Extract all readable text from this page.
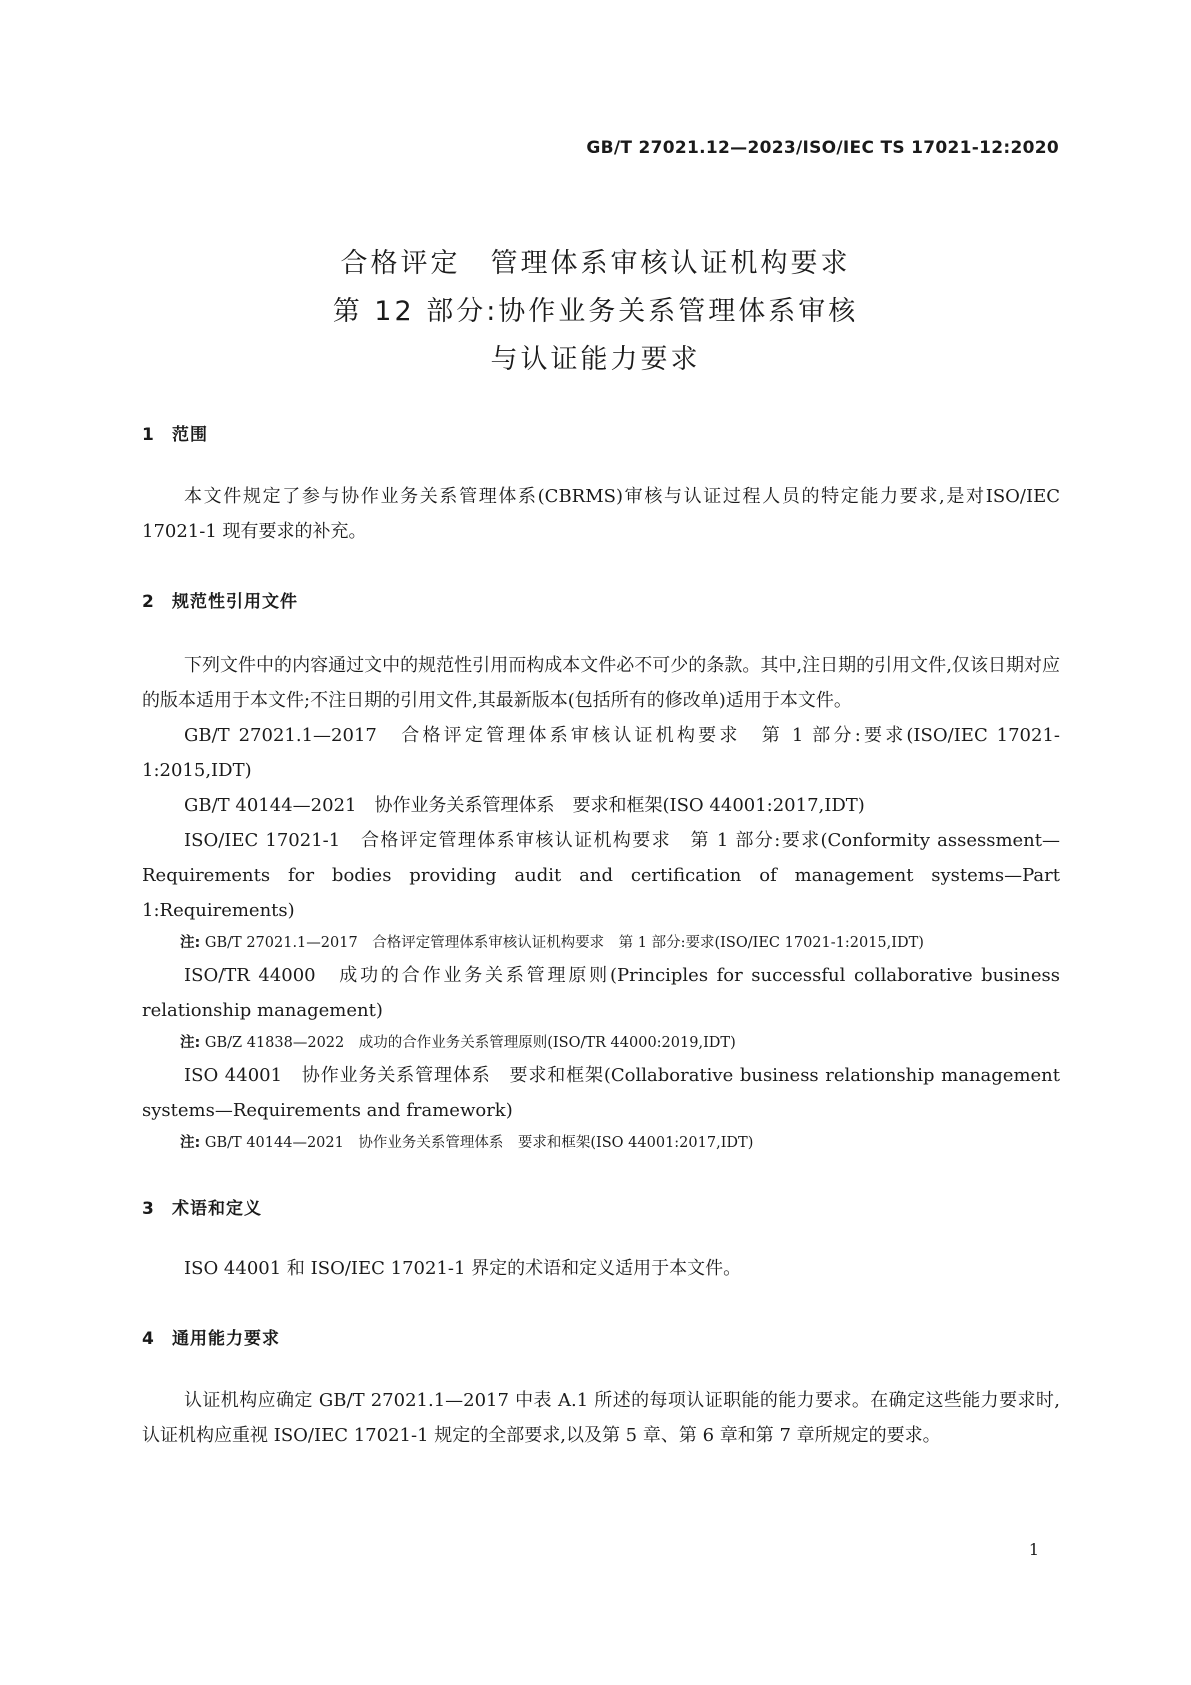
GB/T 27021.12—2023/ISO/IEC TS 17021-12:2020
合格评定　管理体系审核认证机构要求
第 12 部分:协作业务关系管理体系审核
与认证能力要求
1	范围

本文件规定了参与协作业务关系管理体系(CBRMS)审核与认证过程人员的特定能力要求,是对ISO/IEC 17021-1 现有要求的补充。

2	规范性引用文件

下列文件中的内容通过文中的规范性引用而构成本文件必不可少的条款。其中,注日期的引用文件,仅该日期对应的版本适用于本文件;不注日期的引用文件,其最新版本(包括所有的修改单)适用于本文件。

GB/T 27021.1—2017　合格评定管理体系审核认证机构要求　第 1 部分:要求(ISO/IEC 17021-1:2015,IDT)

GB/T 40144—2021　协作业务关系管理体系　要求和框架(ISO 44001:2017,IDT)

ISO/IEC 17021-1　合格评定管理体系审核认证机构要求　第 1 部分:要求(Conformity assessment—Requirements for bodies providing audit and certification of management systems—Part 1:Requirements)

注: GB/T 27021.1—2017　合格评定管理体系审核认证机构要求　第 1 部分:要求(ISO/IEC 17021-1:2015,IDT)

ISO/TR 44000　成功的合作业务关系管理原则(Principles for successful collaborative business relationship management)

注: GB/Z 41838—2022　成功的合作业务关系管理原则(ISO/TR 44000:2019,IDT)

ISO 44001　协作业务关系管理体系　要求和框架(Collaborative business relationship management systems—Requirements and framework)

注: GB/T 40144—2021　协作业务关系管理体系　要求和框架(ISO 44001:2017,IDT)

3	术语和定义

ISO 44001 和 ISO/IEC 17021-1 界定的术语和定义适用于本文件。

4	通用能力要求

认证机构应确定 GB/T 27021.1—2017 中表 A.1 所述的每项认证职能的能力要求。在确定这些能力要求时,认证机构应重视 ISO/IEC 17021-1 规定的全部要求,以及第 5 章、第 6 章和第 7 章所规定的要求。

1
